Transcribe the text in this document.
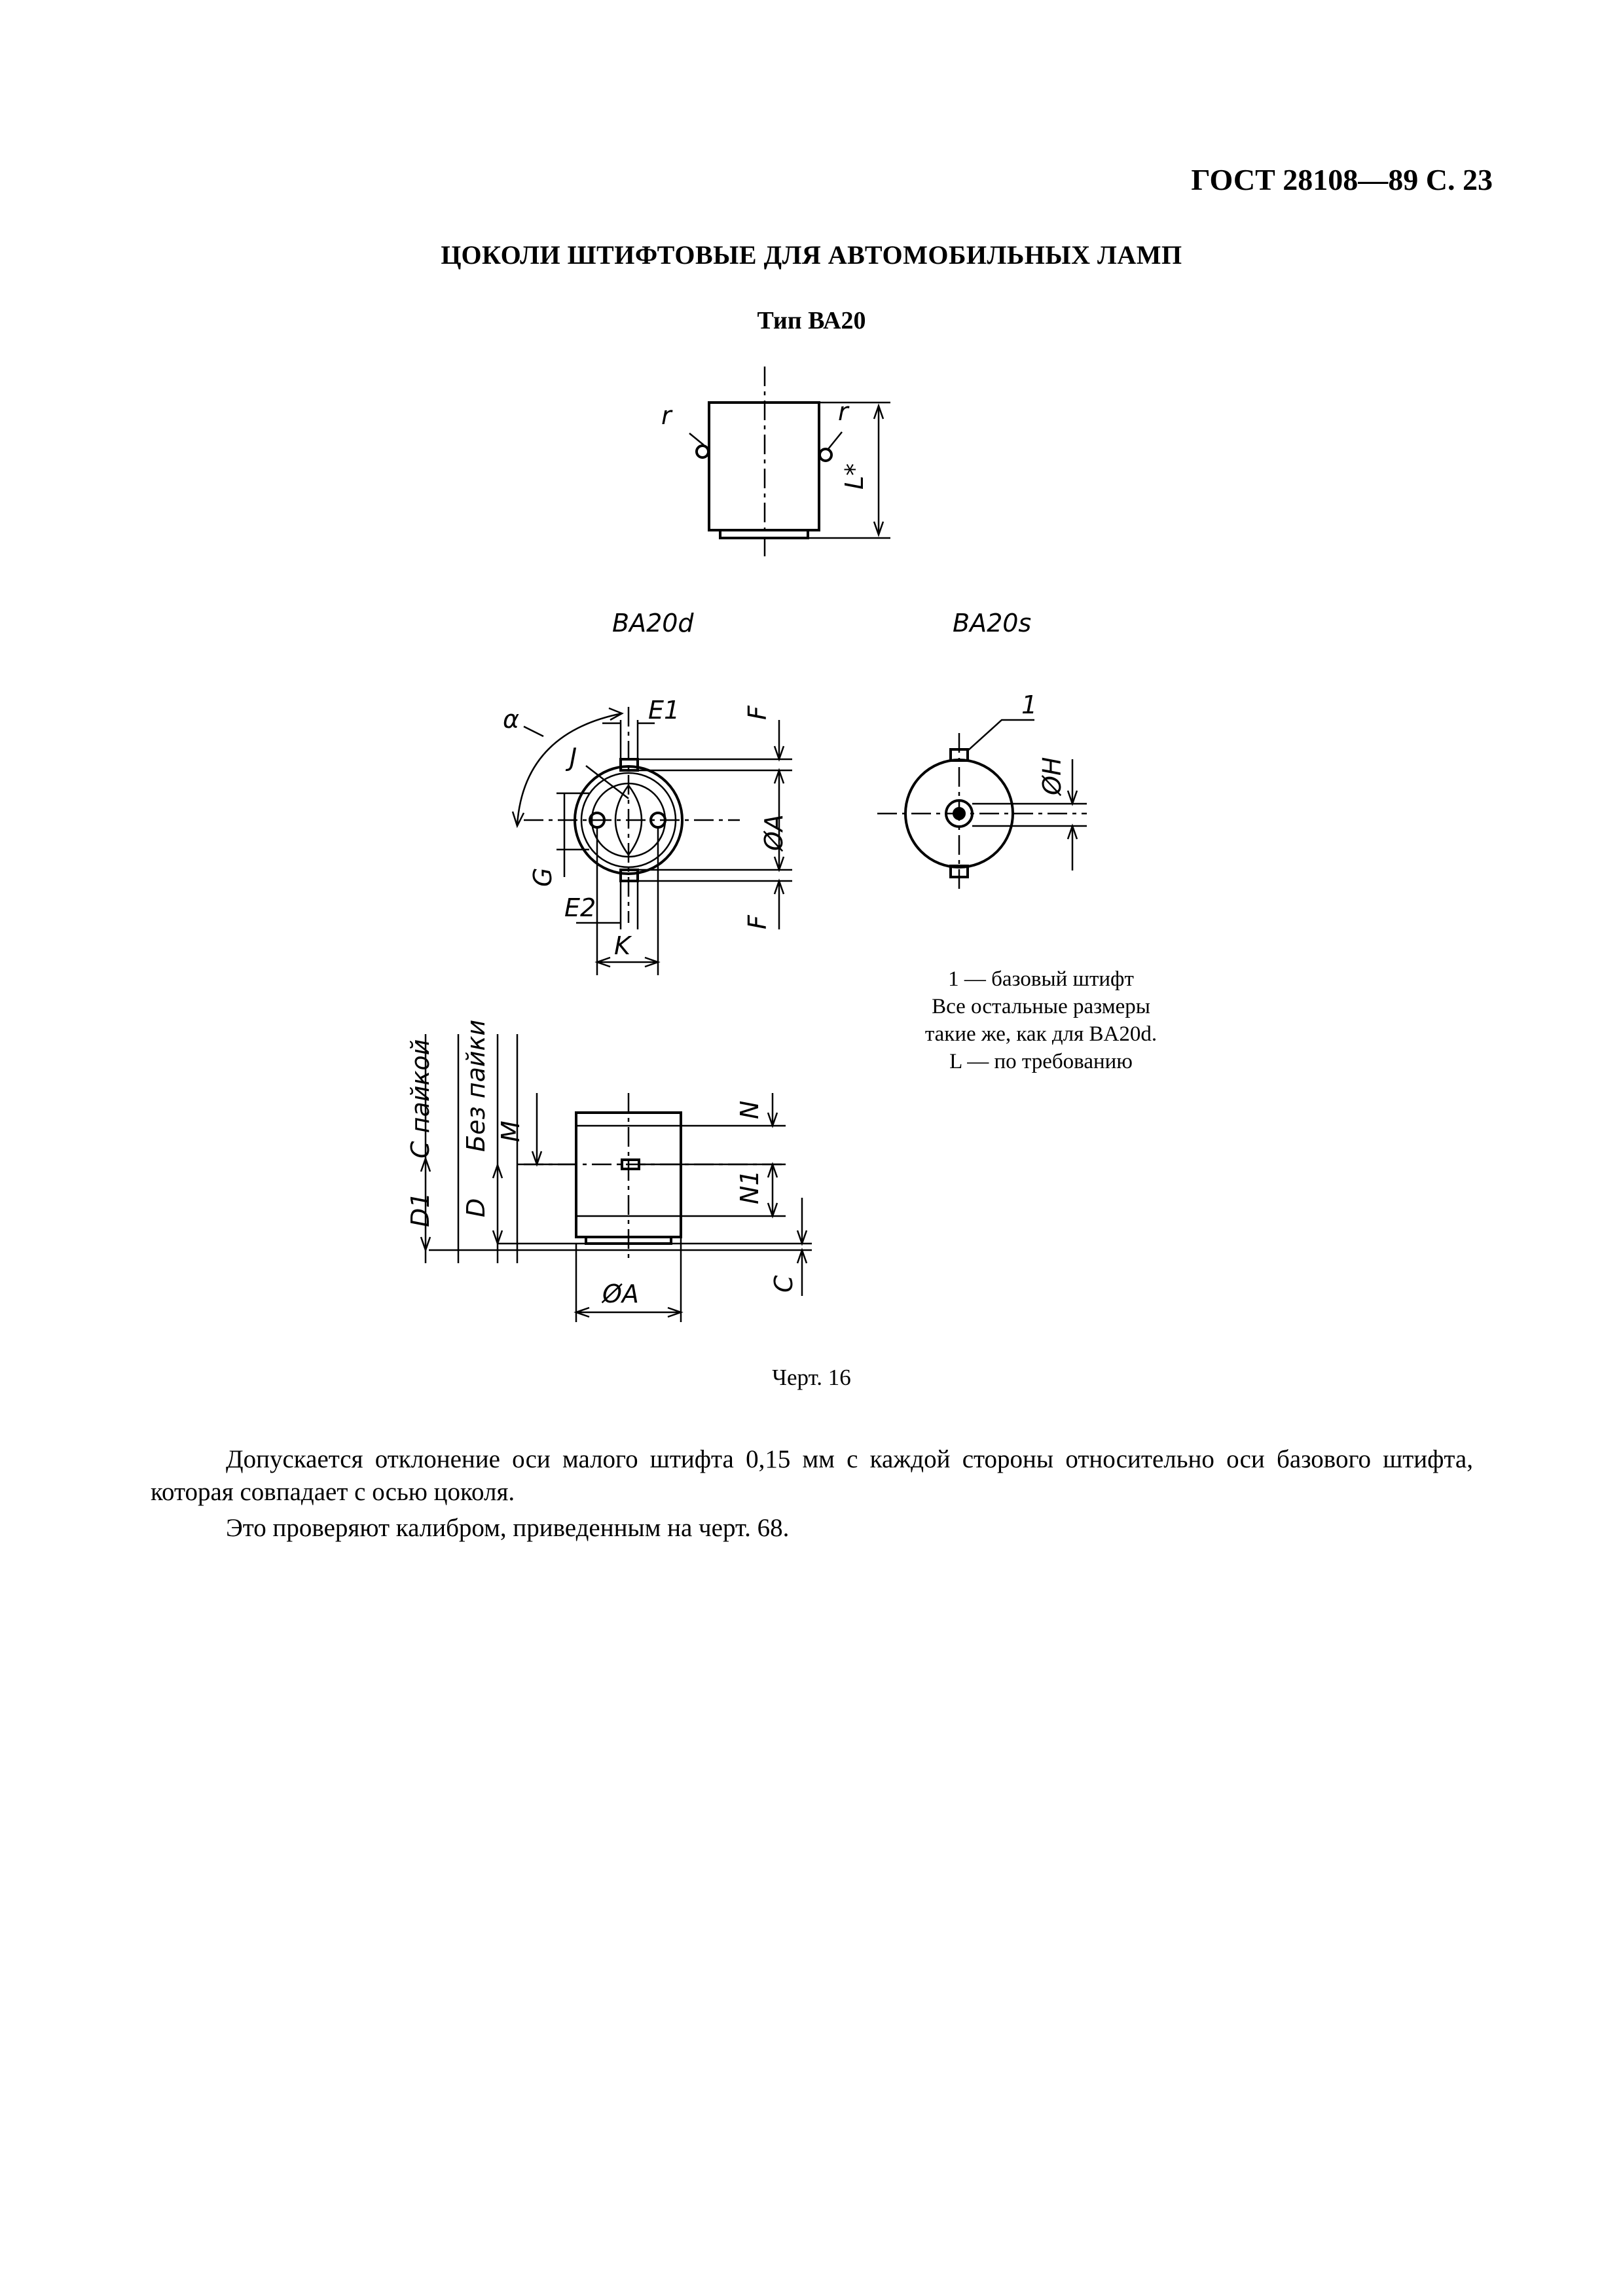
ГОСТ 28108—89 С. 23
ЦОКОЛИ ШТИФТОВЫЕ ДЛЯ АВТОМОБИЛЬНЫХ ЛАМП
Тип ВА20
r	r
L*
BA20d	BA20s
α	E1
J
F
ØA
F
G
E2
K
1
ØH
С пайкой Без пайки M
D1 D
N
N1
C
ØA
1 — базовый штифт
Все остальные размеры
такие же, как для BA20d.
L — по требованию
Черт. 16
Допускается отклонение оси малого штифта 0,15 мм с каждой стороны относительно оси базового штифта, которая совпадает с осью цоколя.
Это проверяют калибром, приведенным на черт. 68.
